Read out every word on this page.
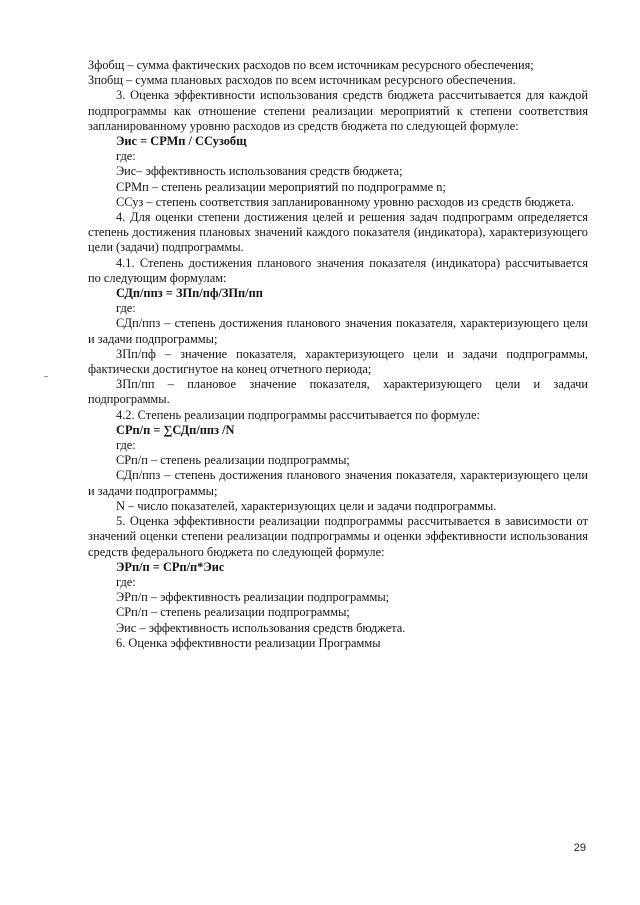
Зфобщ – сумма фактических расходов по всем источникам ресурсного обеспечения;

Зпобщ – сумма плановых расходов по всем источникам ресурсного обеспечения.

3. Оценка эффективности использования средств бюджета рассчитывается для каждой подпрограммы как отношение степени реализации мероприятий к степени соответствия запланированному уровню расходов из средств бюджета по следующей формуле:

Эис = СРМп / ССузобщ

где:

Эис– эффективность использования средств бюджета;

СРМп – степень реализации мероприятий по подпрограмме n;

ССуз – степень соответствия запланированному уровню расходов из средств бюджета.

4. Для оценки степени достижения целей и решения задач подпрограмм определяется степень достижения плановых значений каждого показателя (индикатора), характеризующего цели (задачи) подпрограммы.

4.1. Степень достижения планового значения показателя (индикатора) рассчитывается по следующим формулам:

СДп/ппз = ЗПп/пф/ЗПп/пп

где:

СДп/ппз – степень достижения планового значения показателя, характеризующего цели и задачи подпрограммы;

ЗПп/пф – значение показателя, характеризующего цели и задачи подпрограммы, фактически достигнутое на конец отчетного периода;

ЗПп/пп – плановое значение показателя, характеризующего цели и задачи подпрограммы.

4.2. Степень реализации подпрограммы рассчитывается по формуле:

СРп/п = ∑СДп/ппз /N

где:

СРп/п – степень реализации подпрограммы;

СДп/ппз – степень достижения планового значения показателя, характеризующего цели и задачи подпрограммы;

N – число показателей, характеризующих цели и задачи подпрограммы.

5. Оценка эффективности реализации подпрограммы рассчитывается в зависимости от значений оценки степени реализации подпрограммы и оценки эффективности использования средств федерального бюджета по следующей формуле:

ЭРп/п = СРп/п*Эис

где:

ЭРп/п – эффективность реализации подпрограммы;

СРп/п – степень реализации подпрограммы;

Эис – эффективность использования средств бюджета.

6. Оценка эффективности реализации Программы

29
